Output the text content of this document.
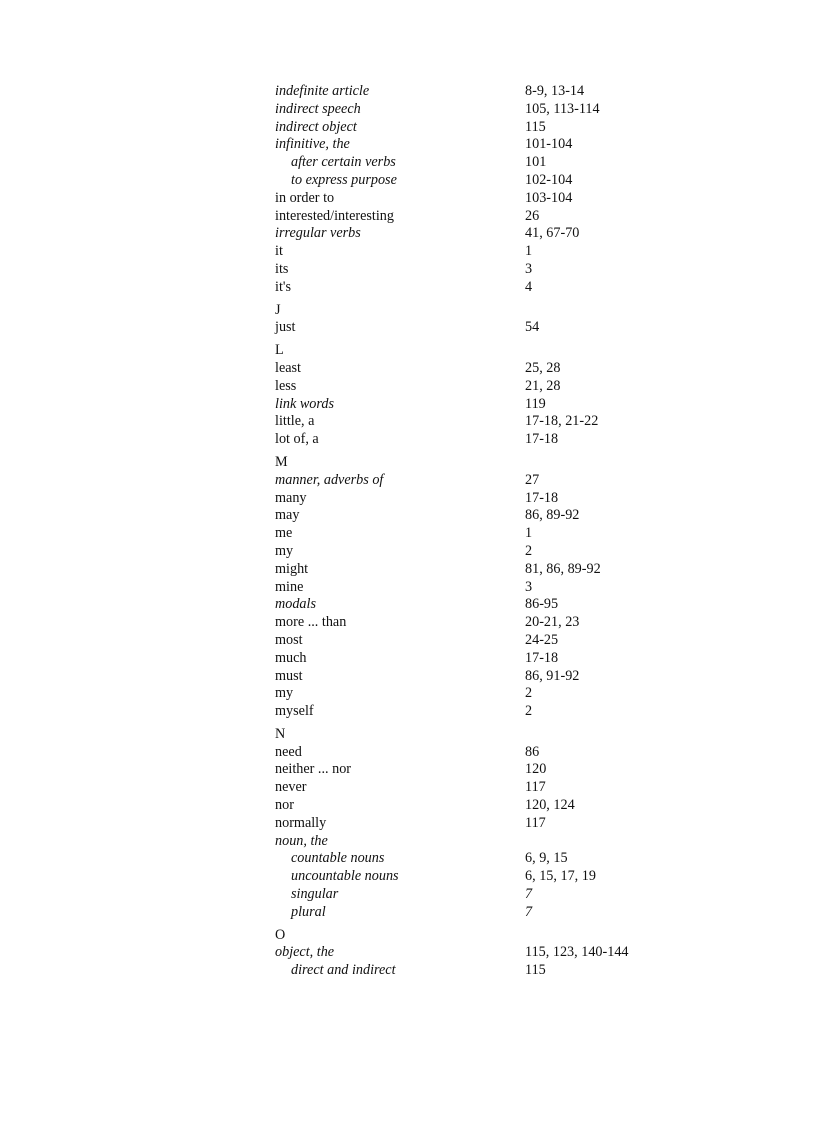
indefinite article	8-9, 13-14
indirect speech	105, 113-114
indirect object	115
infinitive, the	101-104
after certain verbs	101
to express purpose	102-104
in order to	103-104
interested/interesting	26
irregular verbs	41, 67-70
it	1
its	3
it's	4
J
just	54
L
least	25, 28
less	21, 28
link words	119
little, a	17-18, 21-22
lot of, a	17-18
M
manner, adverbs of	27
many	17-18
may	86, 89-92
me	1
my	2
might	81, 86, 89-92
mine	3
modals	86-95
more ... than	20-21, 23
most	24-25
much	17-18
must	86, 91-92
my	2
myself	2
N
need	86
neither ... nor	120
never	117
nor	120, 124
normally	117
noun, the
countable nouns	6, 9, 15
uncountable nouns	6, 15, 17, 19
singular	7
plural	7
O
object, the	115, 123, 140-144
direct and indirect	115
